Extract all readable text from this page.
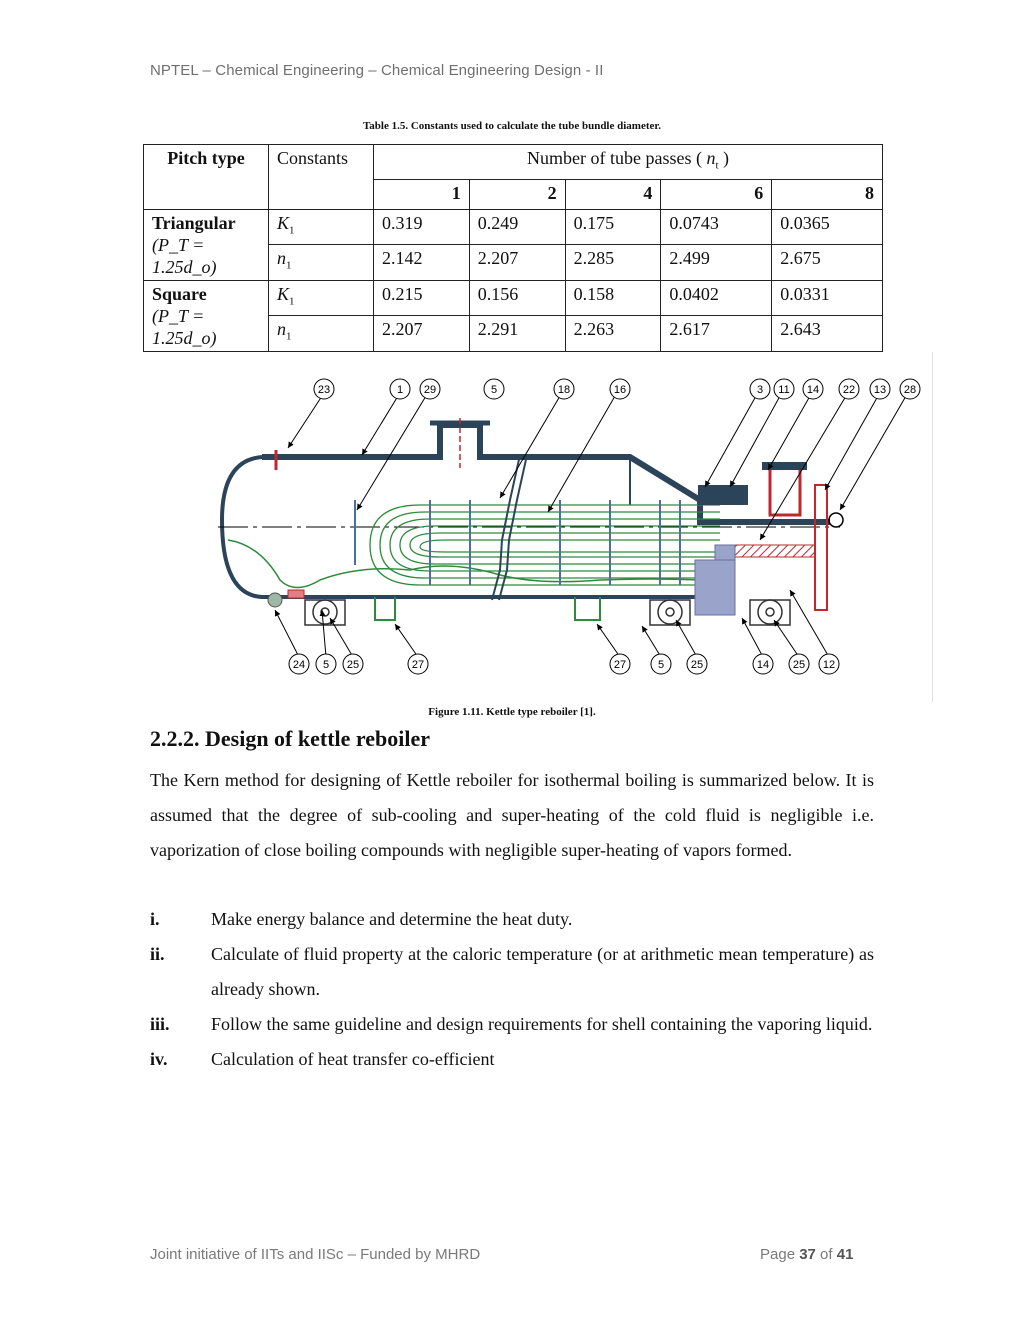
NPTEL – Chemical Engineering – Chemical Engineering Design - II
Table 1.5. Constants used to calculate the tube bundle diameter.
Pitch type	Constants	Number of tube passes ( $n_t$ )				
		1	2	4	6	8

Triangular
(P_T = 1.25d_o)	$K_1$	0.319	0.249	0.175	0.0743	0.0365
	$n_1$	2.142	2.207	2.285	2.499	2.675

Square
(P_T = 1.25d_o)	$K_1$	0.215	0.156	0.158	0.0402	0.0331
	$n_1$	2.207	2.291	2.263	2.617	2.643
23	1 29	5	18	16	3 11 14 22 13 28
24 5 25	27	27	5 25	14 25 12
Figure 1.11. Kettle type reboiler [1].
2.2.2. Design of kettle reboiler
The Kern method for designing of Kettle reboiler for isothermal boiling is summarized below. It is assumed that the degree of sub-cooling and super-heating of the cold fluid is negligible i.e. vaporization of close boiling compounds with negligible super-heating of vapors formed.
i.	Make energy balance and determine the heat duty.
ii.	Calculate of fluid property at the caloric temperature (or at arithmetic mean temperature) as already shown.
iii.	Follow the same guideline and design requirements for shell containing the vaporing liquid.
iv.	Calculation of heat transfer co-efficient
Joint initiative of IITs and IISc – Funded by MHRD	Page 37 of 41
